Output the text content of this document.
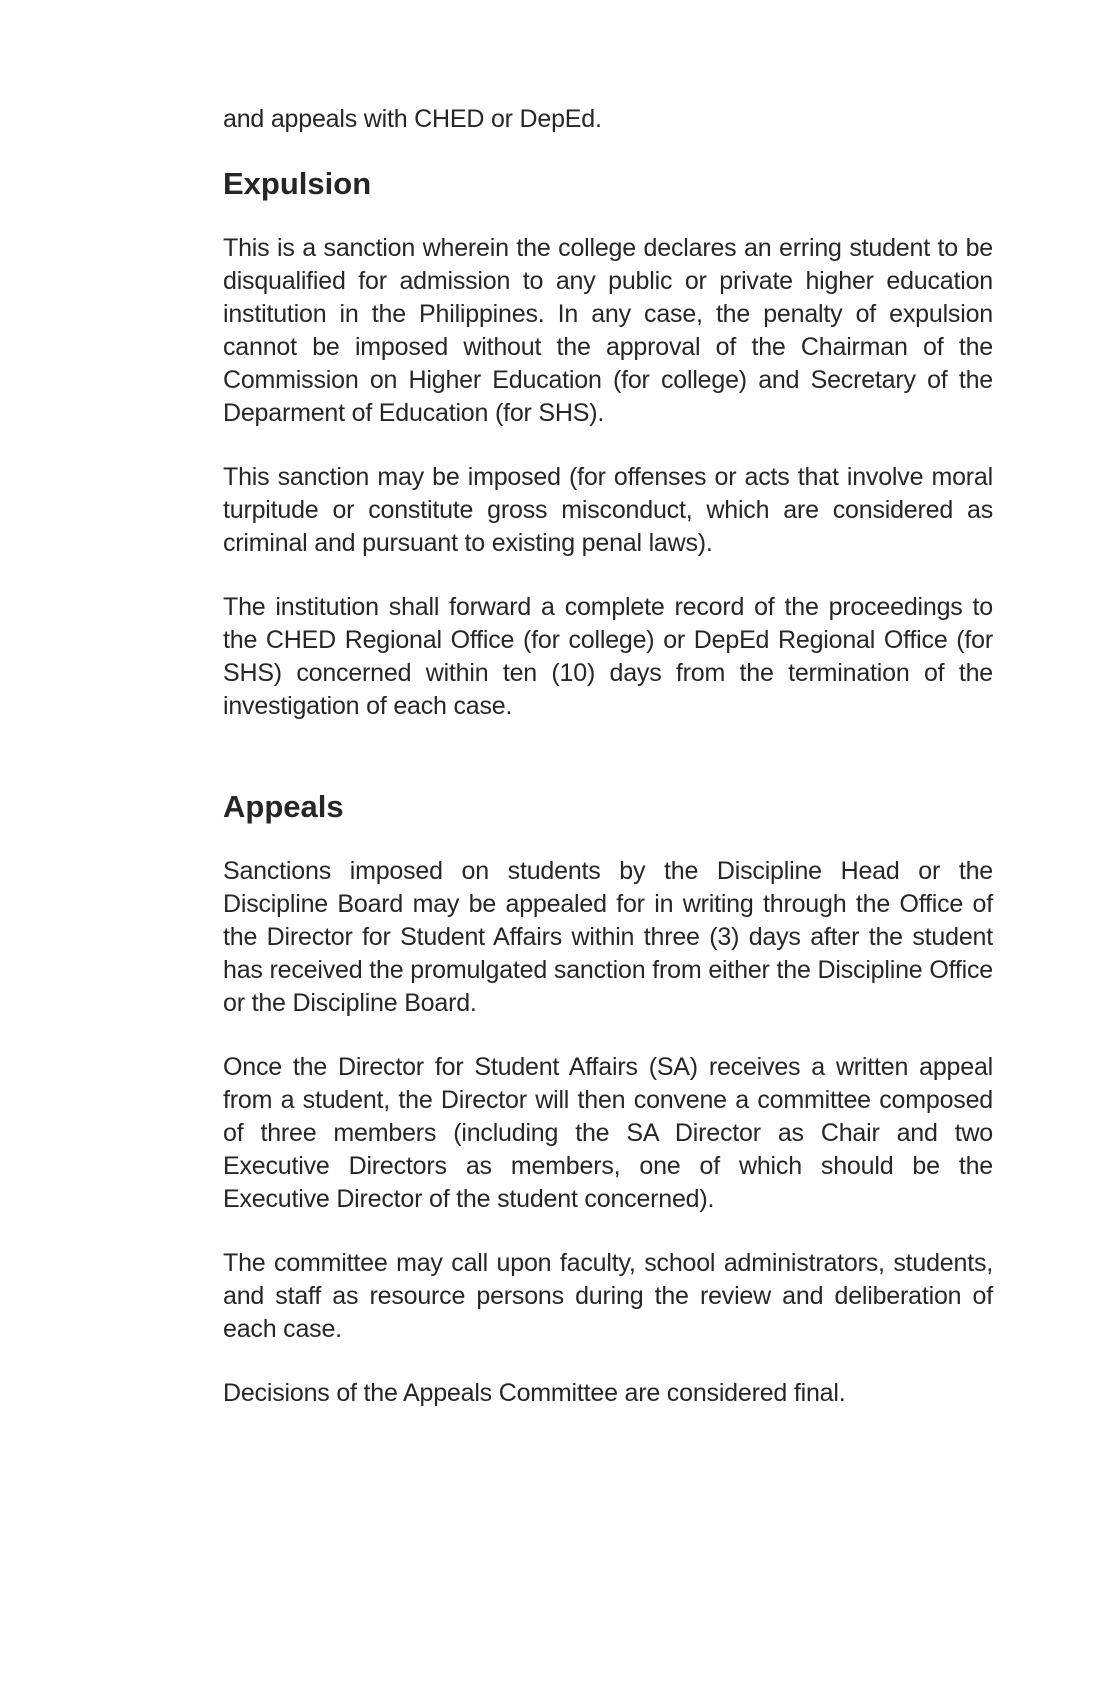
and appeals with CHED or DepEd.

Expulsion

This is a sanction wherein the college declares an erring student to be disqualified for admission to any public or private higher education institution in the Philippines. In any case, the penalty of expulsion cannot be imposed without the approval of the Chairman of the Commission on Higher Education (for college) and Secretary of the Deparment of Education (for SHS).

This sanction may be imposed (for offenses or acts that involve moral turpitude or constitute gross misconduct, which are considered as criminal and pursuant to existing penal laws).

The institution shall forward a complete record of the proceedings to the CHED Regional Office (for college) or DepEd Regional Office (for SHS) concerned within ten (10) days from the termination of the investigation of each case.

Appeals

Sanctions imposed on students by the Discipline Head or the Discipline Board may be appealed for in writing through the Office of the Director for Student Affairs within three (3) days after the student has received the promulgated sanction from either the Discipline Office or the Discipline Board.

Once the Director for Student Affairs (SA) receives a written appeal from a student, the Director will then convene a committee composed of three members (including the SA Director as Chair and two Executive Directors as members, one of which should be the Executive Director of the student concerned).

The committee may call upon faculty, school administrators, students, and staff as resource persons during the review and deliberation of each case.

Decisions of the Appeals Committee are considered final.
